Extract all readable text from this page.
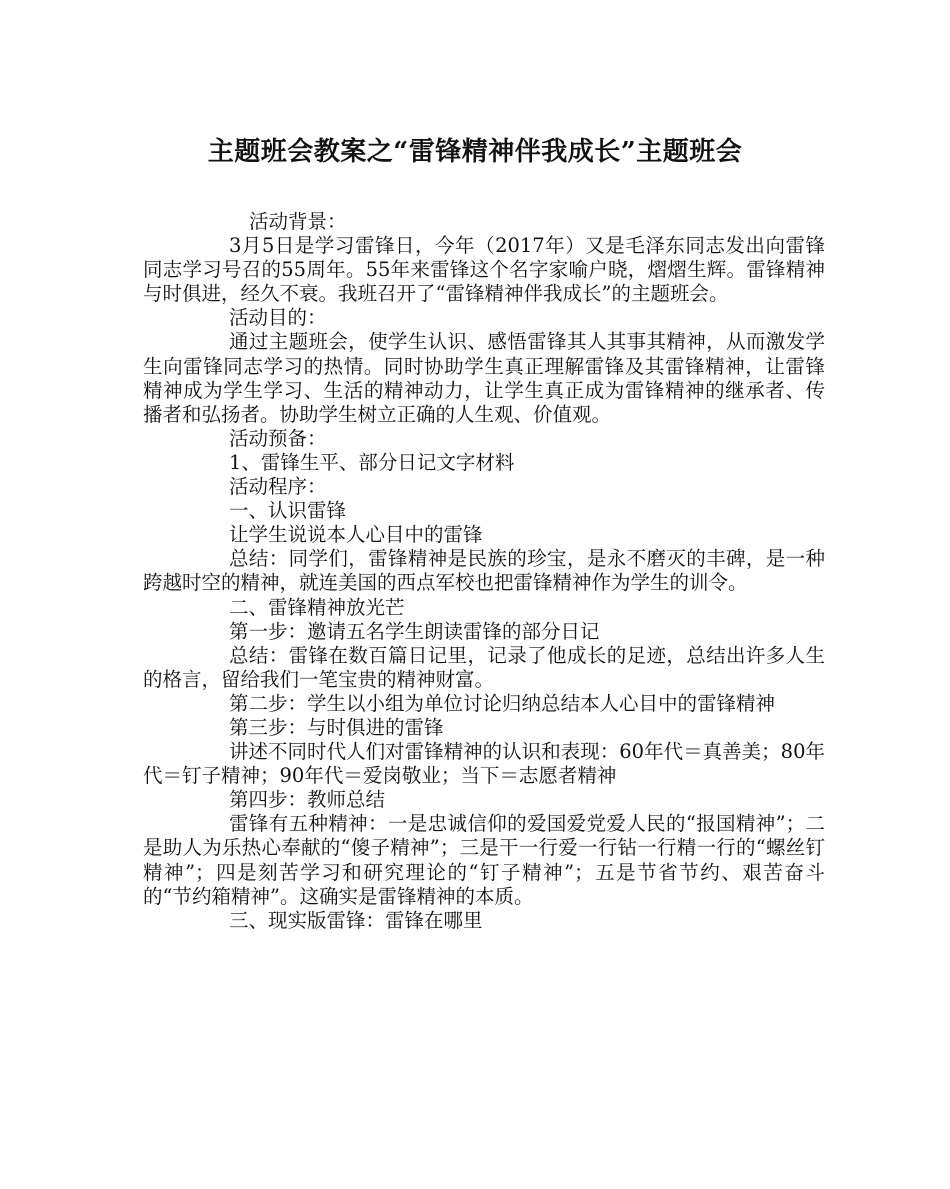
主题班会教案之“雷锋精神伴我成长”主题班会

活动背景：

3月5日是学习雷锋日，今年（2017年）又是毛泽东同志发出向雷锋同志学习号召的55周年。55年来雷锋这个名字家喻户晓，熠熠生辉。雷锋精神与时俱进，经久不衰。我班召开了“雷锋精神伴我成长”的主题班会。

活动目的：

通过主题班会，使学生认识、感悟雷锋其人其事其精神，从而激发学生向雷锋同志学习的热情。同时协助学生真正理解雷锋及其雷锋精神，让雷锋精神成为学生学习、生活的精神动力，让学生真正成为雷锋精神的继承者、传播者和弘扬者。协助学生树立正确的人生观、价值观。

活动预备：

1、雷锋生平、部分日记文字材料

活动程序：

一、认识雷锋

让学生说说本人心目中的雷锋

总结：同学们，雷锋精神是民族的珍宝，是永不磨灭的丰碑，是一种跨越时空的精神，就连美国的西点军校也把雷锋精神作为学生的训令。

二、雷锋精神放光芒

第一步：邀请五名学生朗读雷锋的部分日记

总结：雷锋在数百篇日记里，记录了他成长的足迹，总结出许多人生的格言，留给我们一笔宝贵的精神财富。

第二步：学生以小组为单位讨论归纳总结本人心目中的雷锋精神

第三步：与时俱进的雷锋

讲述不同时代人们对雷锋精神的认识和表现：60年代＝真善美；80年代＝钉子精神；90年代＝爱岗敬业；当下＝志愿者精神

第四步：教师总结

雷锋有五种精神：一是忠诚信仰的爱国爱党爱人民的“报国精神”；二是助人为乐热心奉献的“傻子精神”；三是干一行爱一行钻一行精一行的“螺丝钉精神”；四是刻苦学习和研究理论的“钉子精神”；五是节省节约、艰苦奋斗的“节约箱精神”。这确实是雷锋精神的本质。

三、现实版雷锋：雷锋在哪里
